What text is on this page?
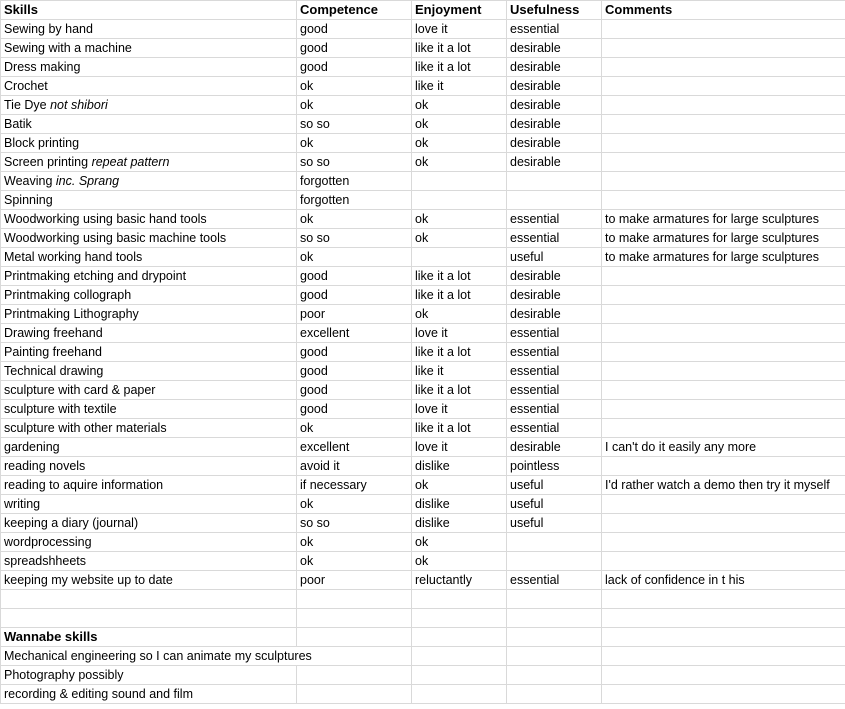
Skills	Competence	Enjoyment	Usefulness	Comments
Sewing by hand	good	love it	essential	
Sewing with a machine	good	like it a lot	desirable	
Dress making	good	like it a lot	desirable	
Crochet	ok	like it	desirable	
Tie Dye not shibori	ok	ok	desirable	
Batik	so so	ok	desirable	
Block printing	ok	ok	desirable	
Screen printing repeat pattern	so so	ok	desirable	
Weaving inc. Sprang	forgotten			
Spinning	forgotten			
Woodworking using basic hand tools	ok	ok	essential	to make armatures for large sculptures
Woodworking using basic machine tools	so so	ok	essential	to make armatures for large sculptures
Metal working hand tools	ok		useful	to make armatures for large sculptures
Printmaking etching and drypoint	good	like it a lot	desirable	
Printmaking collograph	good	like it a lot	desirable	
Printmaking Lithography	poor	ok	desirable	
Drawing freehand	excellent	love it	essential	
Painting freehand	good	like it a lot	essential	
Technical drawing	good	like it	essential	
sculpture with card & paper	good	like it a lot	essential	
sculpture with textile	good	love it	essential	
sculpture with other materials	ok	like it a lot	essential	
gardening	excellent	love it	desirable	I can't do it easily any more
reading novels	avoid it	dislike	pointless	
reading to aquire information	if necessary	ok	useful	I'd rather watch a demo then try it myself
writing	ok	dislike	useful	
keeping a diary (journal)	so so	dislike	useful	
wordprocessing	ok	ok		
spreadshheets	ok	ok		
keeping my website up to date	poor	reluctantly	essential	lack of confidence in t his

Wannabe skills				

Mechanical engineering so I can animate my sculptures				

Photography possibly				

recording & editing sound and film				
